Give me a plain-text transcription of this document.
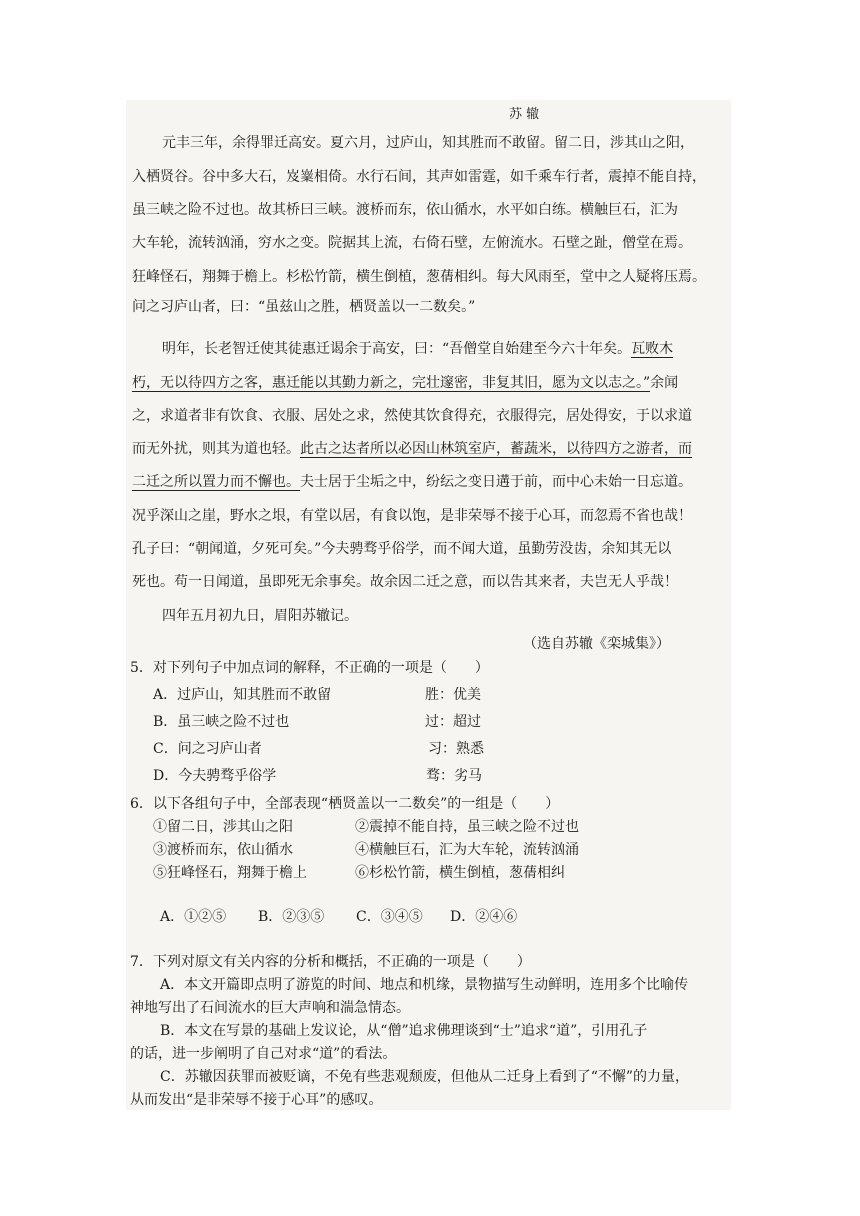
苏 辙
元丰三年，余得罪迁高安。夏六月，过庐山，知其胜而不敢留。留二日，涉其山之阳，
入栖贤谷。谷中多大石，岌嶪相倚。水行石间，其声如雷霆，如千乘车行者，震掉不能自持，
虽三峡之险不过也。故其桥曰三峡。渡桥而东，依山循水，水平如白练。横触巨石，汇为
大车轮，流转汹涌，穷水之变。院据其上流，右倚石壁，左俯流水。石壁之趾，僧堂在焉。
狂峰怪石，翔舞于檐上。杉松竹箭，横生倒植，葱蒨相纠。每大风雨至，堂中之人疑将压焉。
问之习庐山者，曰：“虽兹山之胜，栖贤盖以一二数矣。”
明年，长老智迁使其徒惠迁谒余于高安，曰：“吾僧堂自始建至今六十年矣。瓦败木
朽，无以待四方之客，惠迁能以其勤力新之，完壮邃密，非复其旧，愿为文以志之。”余闻
之，求道者非有饮食、衣服、居处之求，然使其饮食得充，衣服得完，居处得安，于以求道
而无外扰，则其为道也轻。此古之达者所以必因山林筑室庐，蓄蔬米，以待四方之游者，而
二迁之所以置力而不懈也。夫士居于尘垢之中，纷纭之变日遘于前，而中心未始一日忘道。
况乎深山之崖，野水之垠，有堂以居，有食以饱，是非荣辱不接于心耳，而忽焉不省也哉！
孔子曰：“朝闻道，夕死可矣。”今夫骋骛乎俗学，而不闻大道，虽勤劳没齿，余知其无以
死也。苟一日闻道，虽即死无余事矣。故余因二迁之意，而以告其来者，夫岂无人乎哉！
四年五月初九日，眉阳苏辙记。
（选自苏辙《栾城集》）
5．对下列句子中加点词的解释，不正确的一项是（　　）
A．过庐山，知其胜而不敢留	胜：优美
B．虽三峡之险不过也	过：超过
C．问之习庐山者	习：熟悉
D．今夫骋骛乎俗学	骛：劣马
6．以下各组句子中，全部表现“栖贤盖以一二数矣”的一组是（　　）
①留二日，涉其山之阳	②震掉不能自持，虽三峡之险不过也
③渡桥而东，依山循水	④横触巨石，汇为大车轮，流转汹涌
⑤狂峰怪石，翔舞于檐上	⑥杉松竹箭，横生倒植，葱蒨相纠
A．①②⑤ B．②③⑤ C．③④⑤ D．②④⑥
7．下列对原文有关内容的分析和概括，不正确的一项是（　　）
A．本文开篇即点明了游览的时间、地点和机缘，景物描写生动鲜明，连用多个比喻传
神地写出了石间流水的巨大声响和湍急情态。
B．本文在写景的基础上发议论，从“僧”追求佛理谈到“士”追求“道”，引用孔子
的话，进一步阐明了自己对求“道”的看法。
C．苏辙因获罪而被贬谪，不免有些悲观颓废，但他从二迁身上看到了“不懈”的力量，
从而发出“是非荣辱不接于心耳”的感叹。
